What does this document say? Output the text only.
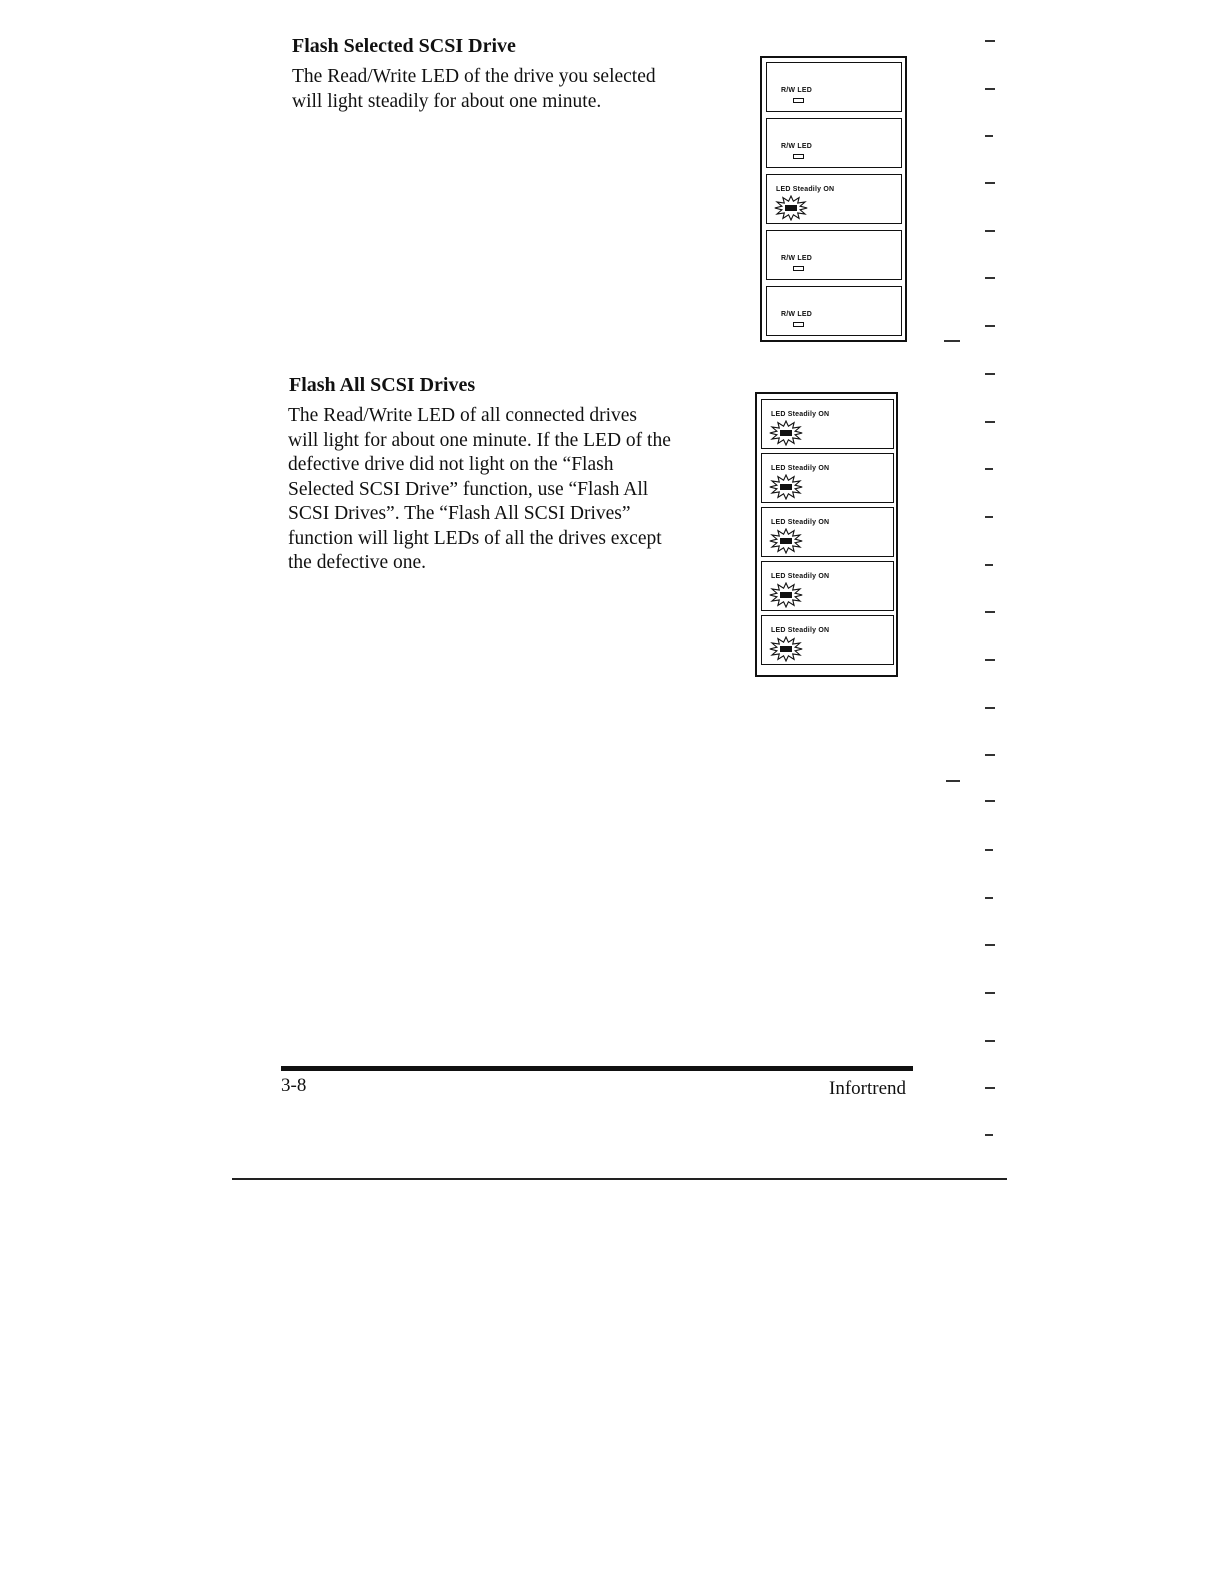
Flash Selected SCSI Drive
The Read/Write LED of the drive you selected
will light steadily for about one minute.	R/W LED
R/W LED
LED Steadily ON
R/W LED
R/W LED
Flash All SCSI Drives
The Read/Write LED of all connected drives
will light for about one minute. If the LED of the
defective drive did not light on the “Flash
Selected SCSI Drive” function, use “Flash All
SCSI Drives”. The “Flash All SCSI Drives”
function will light LEDs of all the drives except
the defective one.
LED Steadily ON
LED Steadily ON
LED Steadily ON
LED Steadily ON
LED Steadily ON
3-8	Infortrend
